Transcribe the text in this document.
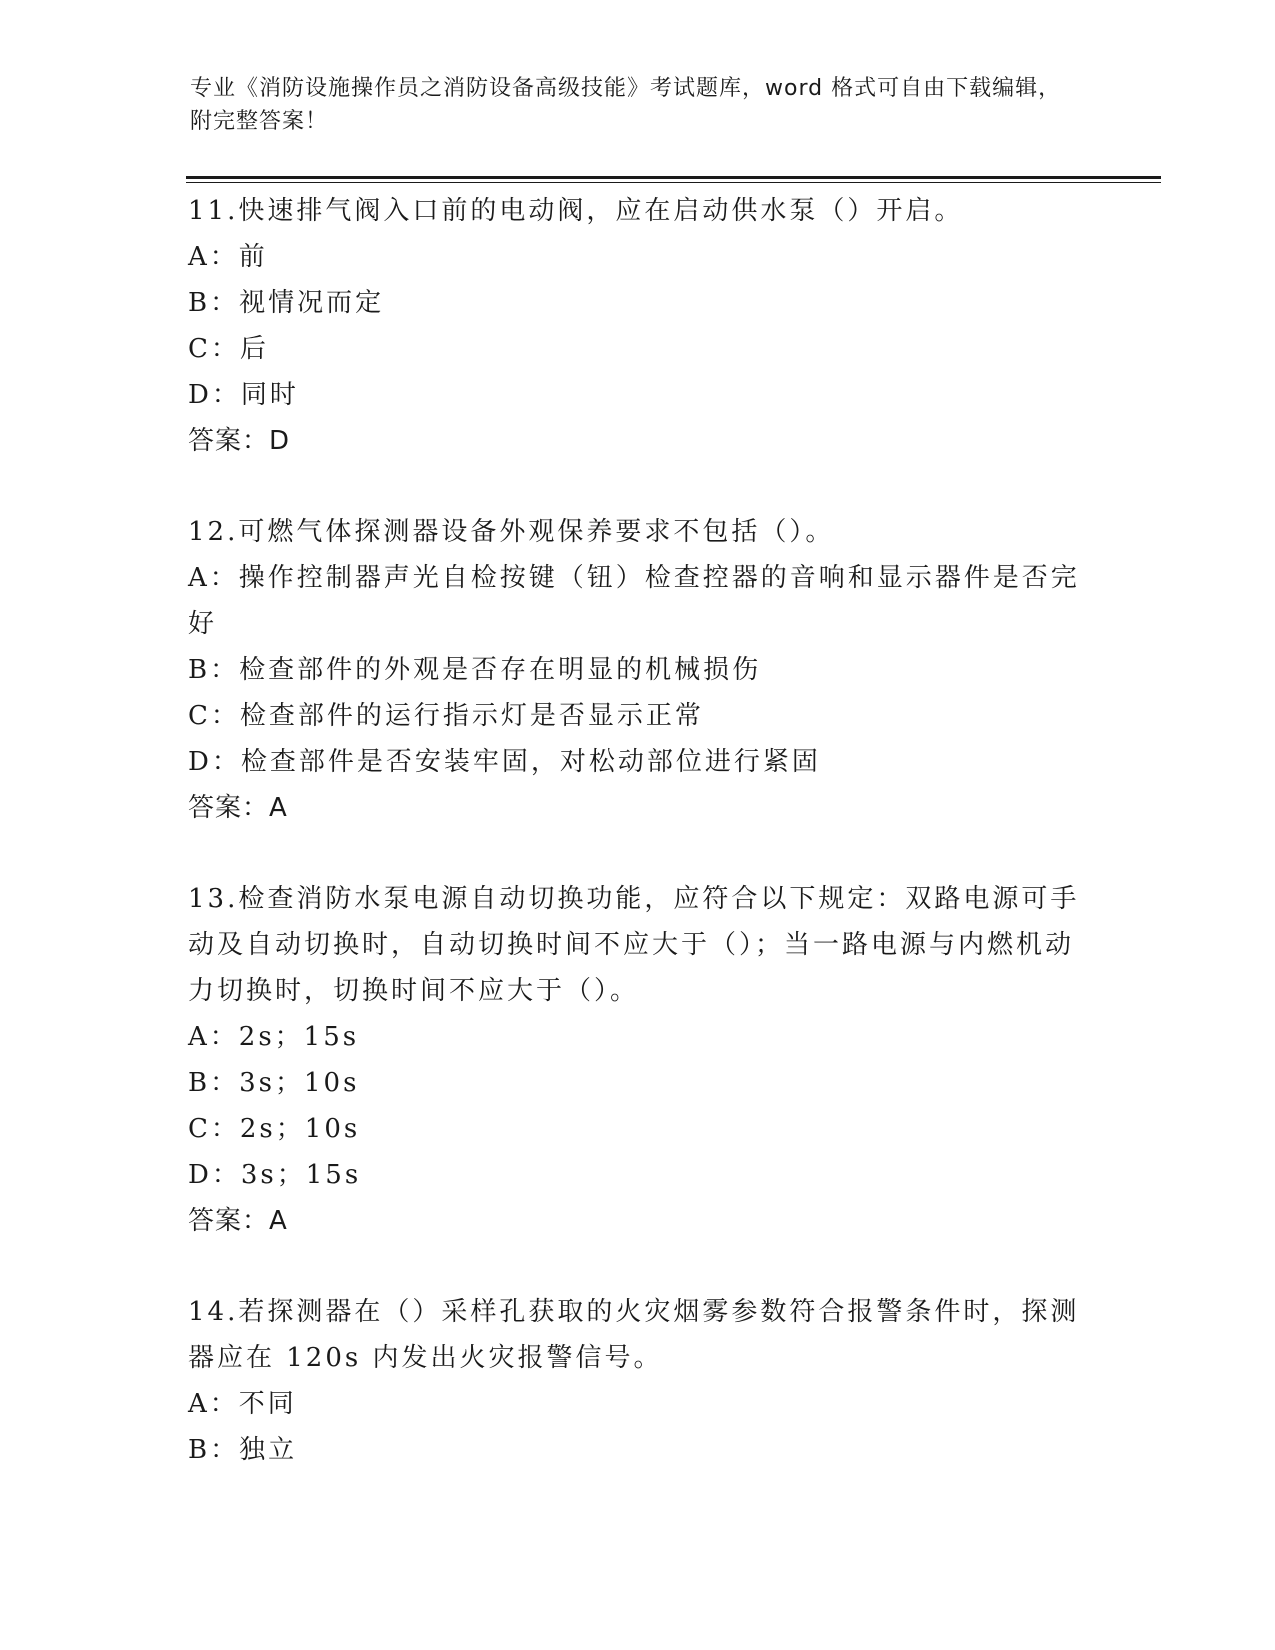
专业《消防设施操作员之消防设备高级技能》考试题库，word 格式可自由下载编辑，附完整答案！
11.快速排气阀入口前的电动阀，应在启动供水泵（）开启。
A：前
B：视情况而定
C：后
D：同时
答案：D
12.可燃气体探测器设备外观保养要求不包括（）。
A：操作控制器声光自检按键（钮）检查控器的音响和显示器件是否完好
B：检查部件的外观是否存在明显的机械损伤
C：检查部件的运行指示灯是否显示正常
D：检查部件是否安装牢固，对松动部位进行紧固
答案：A
13.检查消防水泵电源自动切换功能，应符合以下规定：双路电源可手动及自动切换时，自动切换时间不应大于（）；当一路电源与内燃机动力切换时，切换时间不应大于（）。
A：2s；15s
B：3s；10s
C：2s；10s
D：3s；15s
答案：A
14.若探测器在（）采样孔获取的火灾烟雾参数符合报警条件时，探测器应在 120s 内发出火灾报警信号。
A：不同
B：独立
